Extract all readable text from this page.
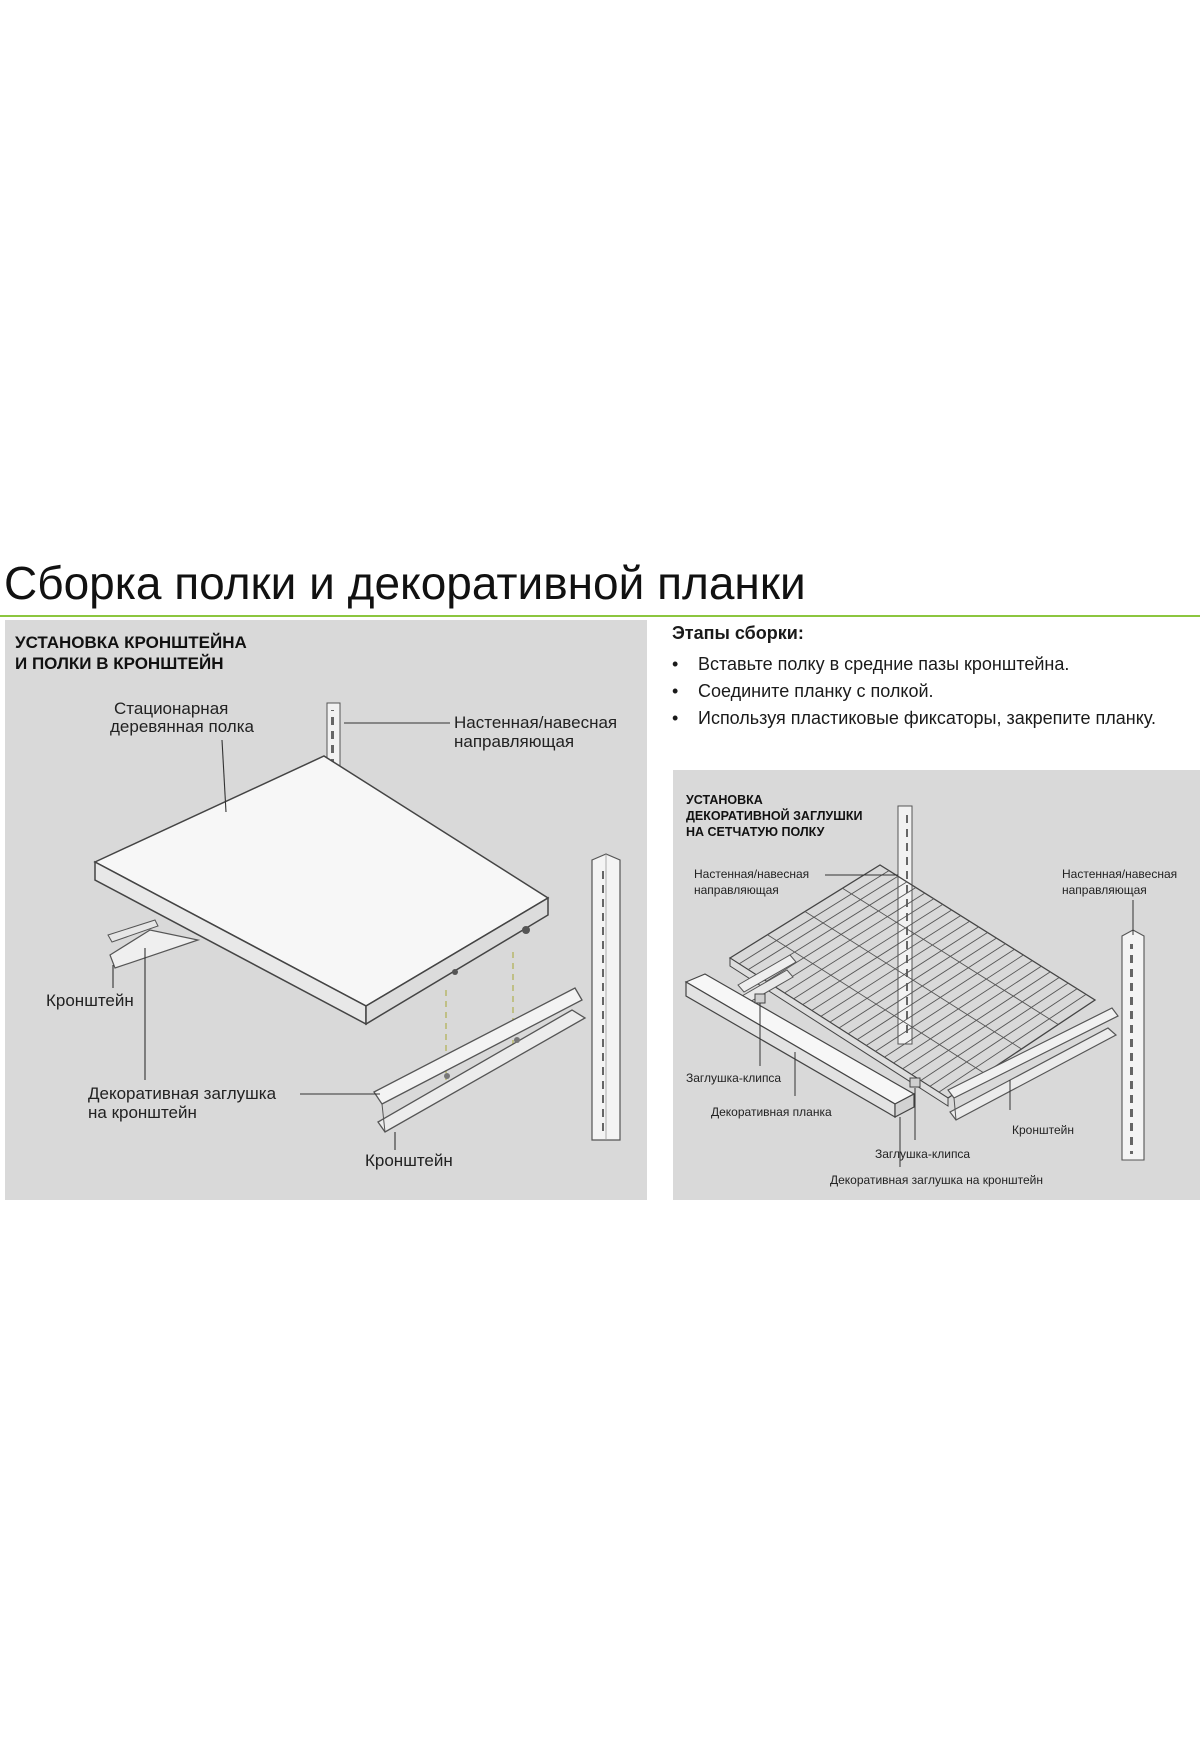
Сборка полки и декоративной планки
УСТАНОВКА КРОНШТЕЙНА
И ПОЛКИ В КРОНШТЕЙН
Стационарная
деревянная полка	Настенная/навесная
направляющая
Кронштейн
Декоративная заглушка
на кронштейн
Кронштейн
Этапы сборки:
• Вставьте полку в средние пазы кронштейна.
• Соедините планку с полкой.
• Используя пластиковые фиксаторы, закрепите планку.
УСТАНОВКА
ДЕКОРАТИВНОЙ ЗАГЛУШКИ
НА СЕТЧАТУЮ ПОЛКУ
Настенная/навесная
направляющая
Настенная/навесная
направляющая
Заглушка-клипса
Декоративная планка
Кронштейн
Заглушка-клипса
Декоративная заглушка на кронштейн
